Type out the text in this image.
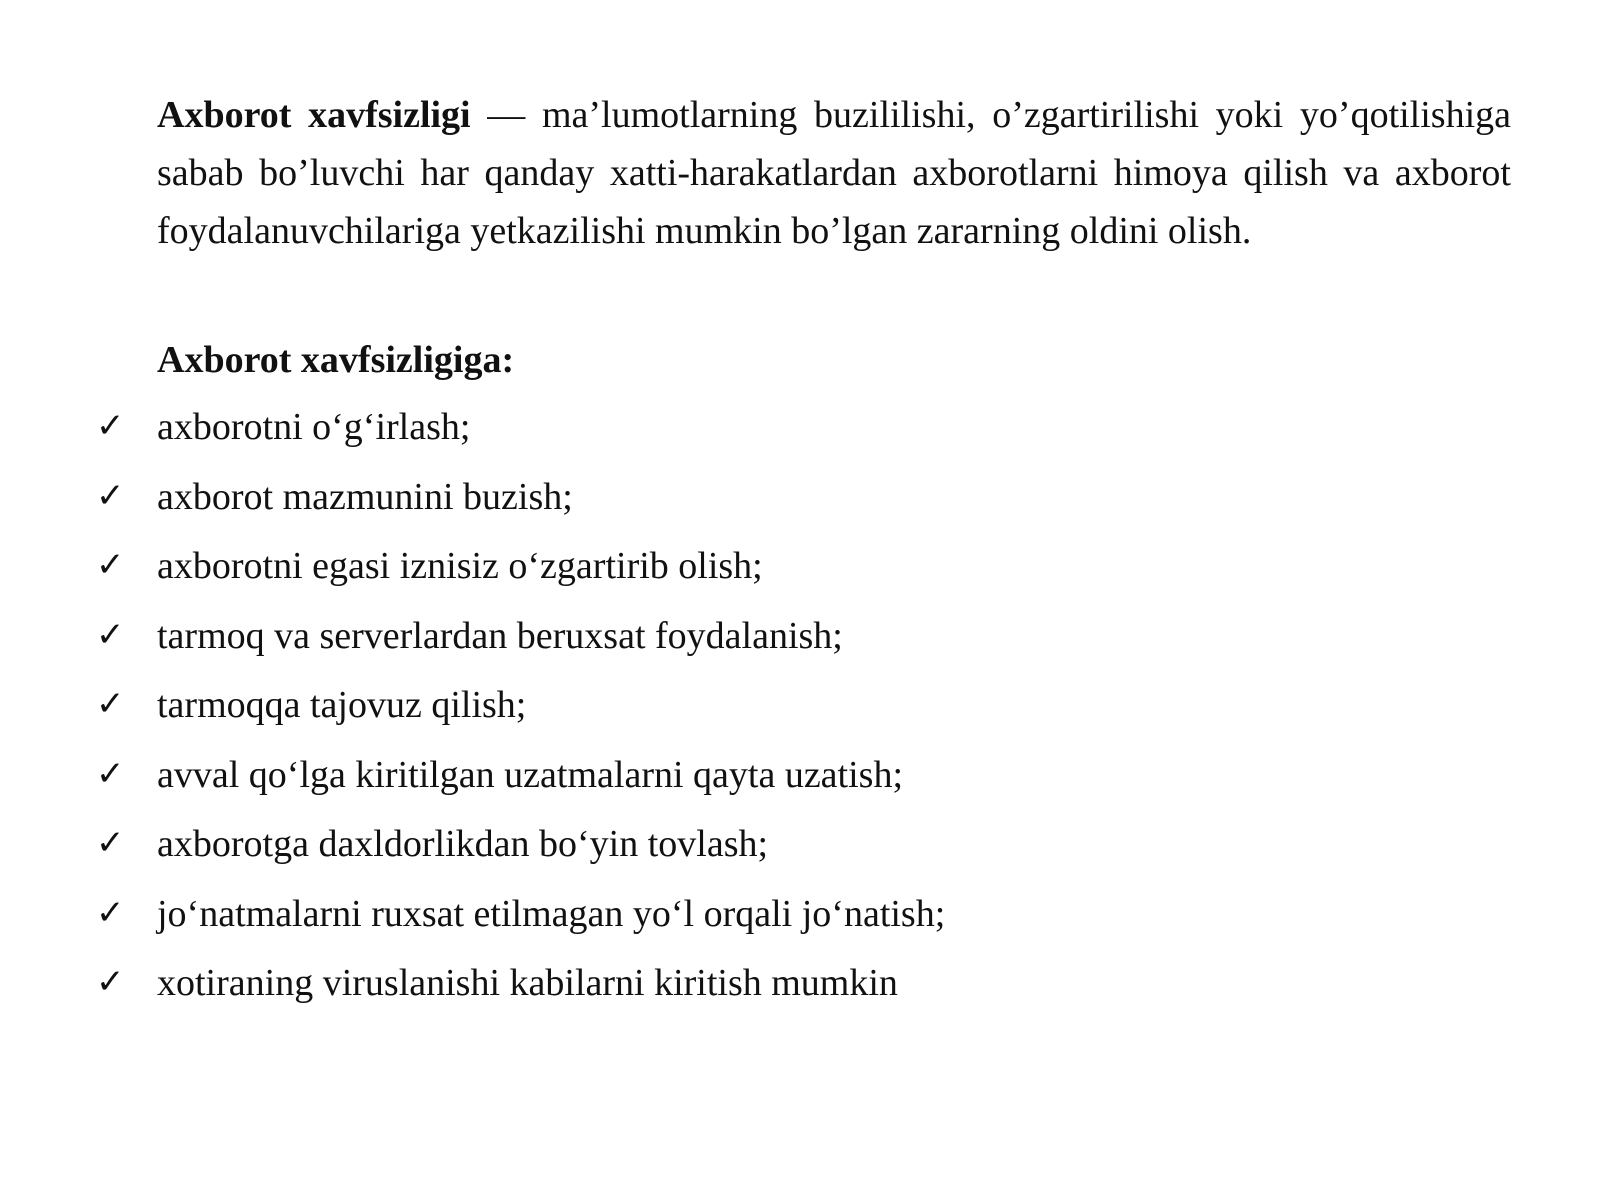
Axborot xavfsizligi — ma’lumotlarning buzililishi, o’zgartirilishi yoki yo’qotilishiga sabab bo’luvchi har qanday xatti-harakatlardan axborotlarni himoya qilish va axborot foydalanuvchilariga yetkazilishi mumkin bo’lgan zararning oldini olish.

Axborot xavfsizligiga:

✓ axborotni o‘g‘irlash;
✓ axborot mazmunini buzish;
✓ axborotni egasi iznisiz o‘zgartirib olish;
✓ tarmoq va serverlardan beruxsat foydalanish;
✓ tarmoqqa tajovuz qilish;
✓ avval qo‘lga kiritilgan uzatmalarni qayta uzatish;
✓ axborotga daxldorlikdan bo‘yin tovlash;
✓ jo‘natmalarni ruxsat etilmagan yo‘l orqali jo‘natish;
✓ xotiraning viruslanishi kabilarni kiritish mumkin
